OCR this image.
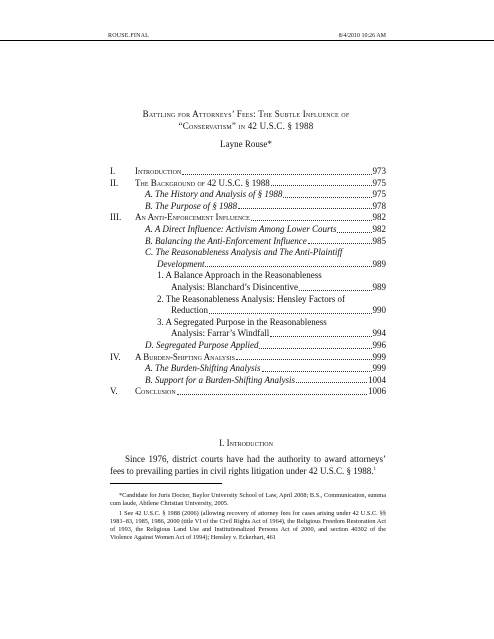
ROUSE.FINAL	8/4/2010 10:26 AM
Battling for Attorneys’ Fees: The Subtle Influence of
“Conservatism” in 42 U.S.C. § 1988
Layne Rouse*
I.	Introduction	973
II.	The Background of 42 U.S.C. § 1988	975
A. The History and Analysis of § 1988	975
B. The Purpose of § 1988	978
III.	An Anti-Enforcement Influence	982
A. A Direct Influence: Activism Among Lower Courts	982
B. Balancing the Anti-Enforcement Influence	985
C. The Reasonableness Analysis and The Anti-Plaintiff
Development	989
1. A Balance Approach in the Reasonableness
Analysis: Blanchard’s Disincentive	989
2. The Reasonableness Analysis: Hensley Factors of
Reduction	990
3. A Segregated Purpose in the Reasonableness
Analysis: Farrar’s Windfall	994
D. Segregated Purpose Applied	996
IV.	A Burden-Shifting Analysis	999
A. The Burden-Shifting Analysis	999
B. Support for a Burden-Shifting Analysis	1004
V.	Conclusion	1006
I. Introduction
Since 1976, district courts have had the authority to award attorneys’ fees to prevailing parties in civil rights litigation under 42 U.S.C. § 1988.$^1$

*Candidate for Juris Doctor, Baylor University School of Law, April 2008; B.S., Communication, summa cum laude, Abilene Christian University, 2005.

1 See 42 U.S.C. § 1988 (2006) (allowing recovery of attorney fees for cases arising under 42 U.S.C. §§ 1981–83, 1985, 1986, 2000 (title VI of the Civil Rights Act of 1964), the Religious Freedom Restoration Act of 1993, the Religious Land Use and Institutionalized Persons Act of 2000, and section 40302 of the Violence Against Women Act of 1994); Hensley v. Eckerhart, 461
